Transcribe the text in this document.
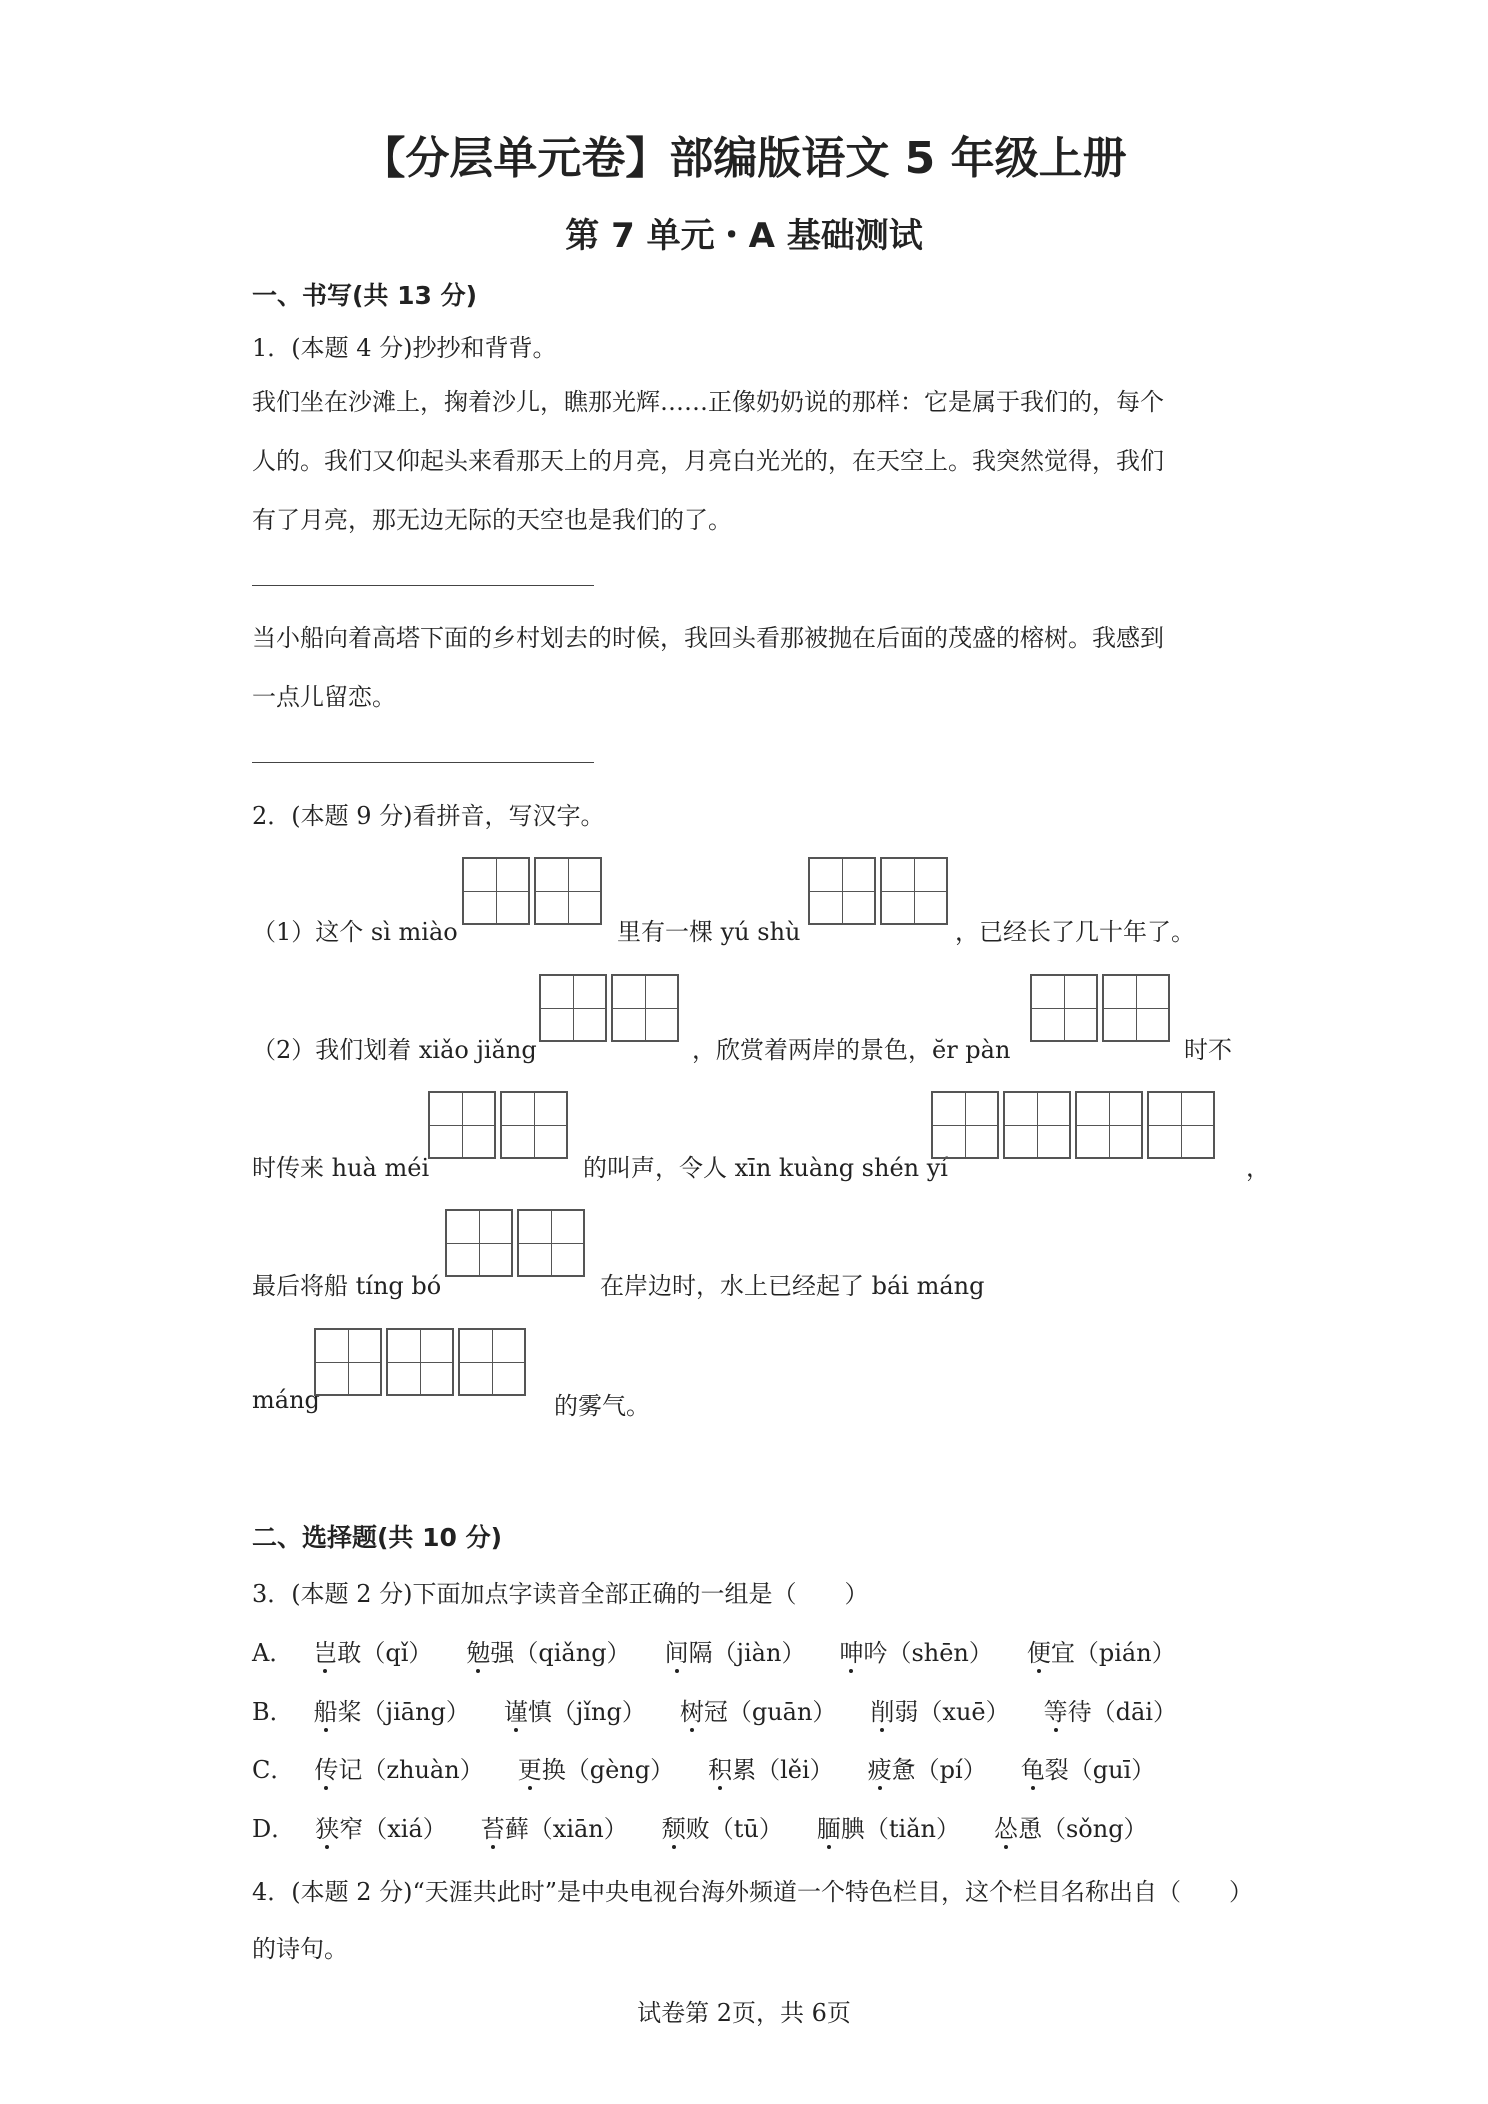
【分层单元卷】部编版语文 5 年级上册
第 7 单元・A 基础测试
一、书写(共 13 分)
1．(本题 4 分)抄抄和背背。
我们坐在沙滩上，掬着沙儿，瞧那光辉……正像奶奶说的那样：它是属于我们的，每个
人的。我们又仰起头来看那天上的月亮，月亮白光光的，在天空上。我突然觉得，我们
有了月亮，那无边无际的天空也是我们的了。
当小船向着高塔下面的乡村划去的时候，我回头看那被抛在后面的茂盛的榕树。我感到
一点儿留恋。
2．(本题 9 分)看拼音，写汉字。
（1）这个 sì miào	里有一棵 yú shù	，已经长了几十年了。
（2）我们划着 xiǎo jiǎng	，欣赏着两岸的景色，ĕr pàn	时不
时传来 huà méi	的叫声，令人 xīn kuàng shén yí	，
最后将船 tíng bó	在岸边时，水上已经起了 bái máng
máng	的雾气。
二、选择题(共 10 分)
3．(本题 2 分)下面加点字读音全部正确的一组是（　　）
A． 岂敢（qǐ） 勉强（qiǎng） 间隔（jiàn） 呻吟（shēn） 便宜（pián）
B． 船桨（jiāng） 谨慎（jǐng） 树冠（guān） 削弱（xuē） 等待（dāi）
C． 传记（zhuàn） 更换（gèng） 积累（lěi） 疲惫（pí） 龟裂（guī）
D． 狭窄（xiá） 苔藓（xiān） 颓败（tū） 腼腆（tiǎn） 怂恿（sǒng）
4．(本题 2 分)“天涯共此时”是中央电视台海外频道一个特色栏目，这个栏目名称出自（　　）
的诗句。
试卷第 2页，共 6页
